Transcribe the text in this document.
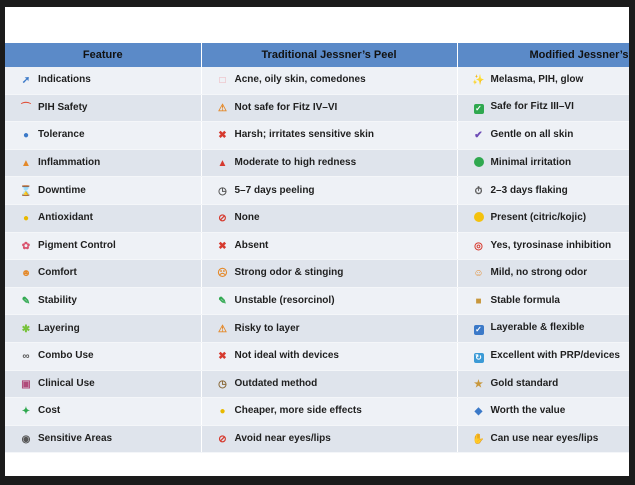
Feature	Traditional Jessner’s Peel	Modified Jessner’s
➚ Indications	□ Acne, oily skin, comedones	✨ Melasma, PIH, glow
⌒ PIH Safety	⚠ Not safe for Fitz IV–VI	✓ Safe for Fitz III–VI
● Tolerance	✖ Harsh; irritates sensitive skin	✔ Gentle on all skin
▲ Inflammation	▲ Moderate to high redness	Minimal irritation
⌛ Downtime	◷ 5–7 days peeling	⏱ 2–3 days flaking
● Antioxidant	⊘ None	Present (citric/kojic)
✿ Pigment Control	✖ Absent	◎ Yes, tyrosinase inhibition
☻ Comfort	☹ Strong odor & stinging	☺ Mild, no strong odor
✎ Stability	✎ Unstable (resorcinol)	■ Stable formula
✱ Layering	⚠ Risky to layer	✓ Layerable & flexible
∞ Combo Use	✖ Not ideal with devices	↻ Excellent with PRP/devices
▣ Clinical Use	◷ Outdated method	★ Gold standard
✦ Cost	● Cheaper, more side effects	◆ Worth the value
◉ Sensitive Areas	⊘ Avoid near eyes/lips	✋ Can use near eyes/lips
